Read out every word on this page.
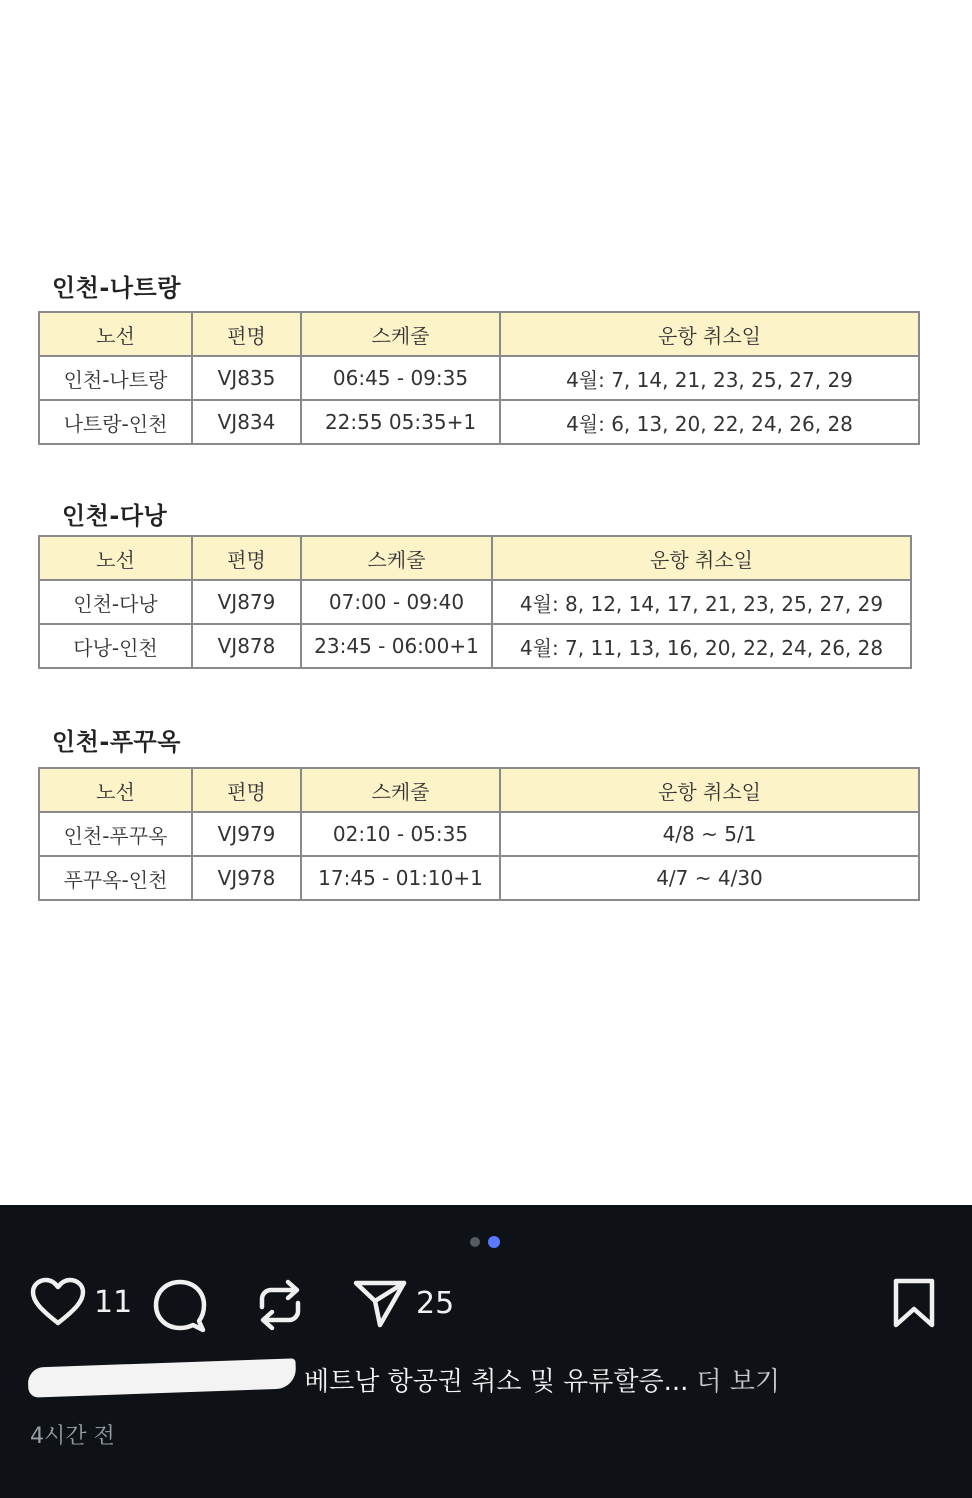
인천-나트랑
노선	편명	스케줄	운항 취소일
인천-나트랑	VJ835	06:45 - 09:35	4월: 7, 14, 21, 23, 25, 27, 29
나트랑-인천	VJ834	22:55 05:35+1	4월: 6, 13, 20, 22, 24, 26, 28
인천-다낭
노선	편명	스케줄	운항 취소일
인천-다낭	VJ879	07:00 - 09:40	4월: 8, 12, 14, 17, 21, 23, 25, 27, 29
다낭-인천	VJ878	23:45 - 06:00+1	4월: 7, 11, 13, 16, 20, 22, 24, 26, 28
인천-푸꾸옥
노선	편명	스케줄	운항 취소일
인천-푸꾸옥	VJ979	02:10 - 05:35	4/8 ~ 5/1
푸꾸옥-인천	VJ978	17:45 - 01:10+1	4/7 ~ 4/30
11	25
베트남 항공권 취소 및 유류할증... 더 보기
4시간 전
